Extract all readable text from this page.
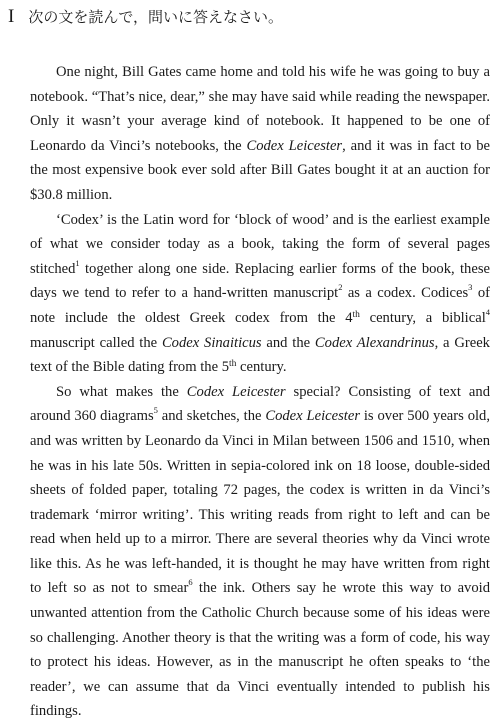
I 次の文を読んで，問いに答えなさい。

One night, Bill Gates came home and told his wife he was going to buy a notebook. “That’s nice, dear,” she may have said while reading the newspaper. Only it wasn’t your average kind of notebook. It happened to be one of Leonardo da Vinci’s notebooks, the Codex Leicester, and it was in fact to be the most expensive book ever sold after Bill Gates bought it at an auction for $30.8 million.

‘Codex’ is the Latin word for ‘block of wood’ and is the earliest example of what we consider today as a book, taking the form of several pages stitched$^1$ together along one side. Replacing earlier forms of the book, these days we tend to refer to a hand-written manuscript$^2$ as a codex. Codices$^3$ of note include the oldest Greek codex from the 4th century, a biblical$^4$ manuscript called the Codex Sinaiticus and the Codex Alexandrinus, a Greek text of the Bible dating from the 5th century.

So what makes the Codex Leicester special? Consisting of text and around 360 diagrams$^5$ and sketches, the Codex Leicester is over 500 years old, and was written by Leonardo da Vinci in Milan between 1506 and 1510, when he was in his late 50s. Written in sepia-colored ink on 18 loose, double-sided sheets of folded paper, totaling 72 pages, the codex is written in da Vinci’s trademark ‘mirror writing’. This writing reads from right to left and can be read when held up to a mirror. There are several theories why da Vinci wrote like this. As he was left-handed, it is thought he may have written from right to left so as not to smear$^6$ the ink. Others say he wrote this way to avoid unwanted attention from the Catholic Church because some of his ideas were so challenging. Another theory is that the writing was a form of code, his way to protect his ideas. However, as in the manuscript he often speaks to ‘the reader’, we can assume that da Vinci eventually intended to publish his findings.
